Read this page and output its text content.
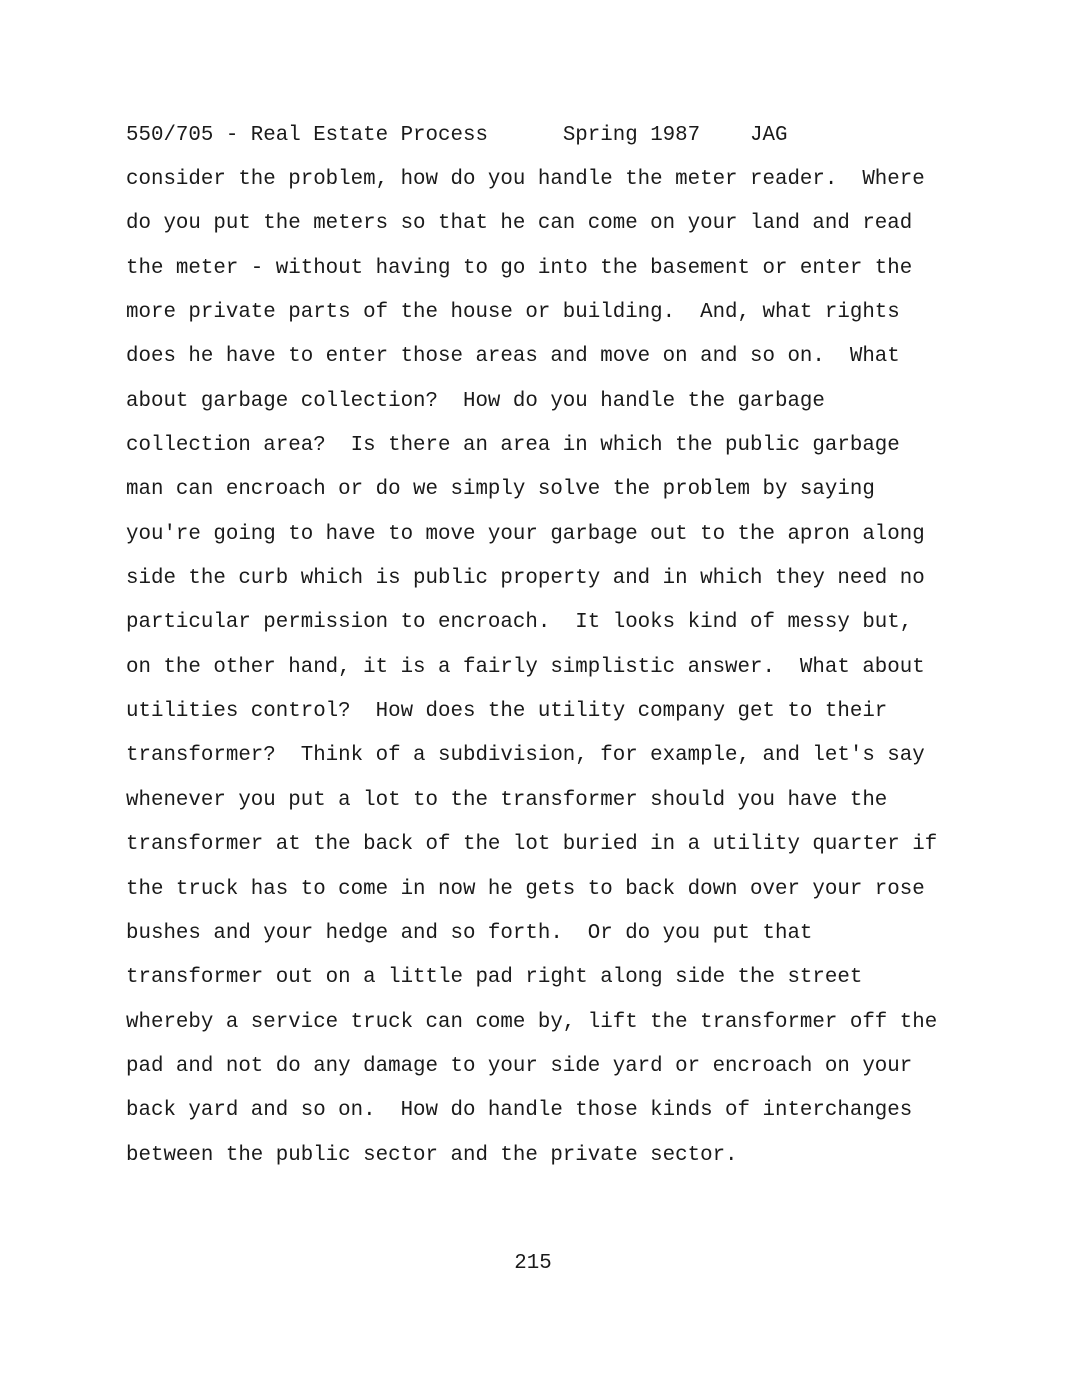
550/705 - Real Estate Process	Spring 1987 JAG
consider the problem, how do you handle the meter reader.  Where
do you put the meters so that he can come on your land and read
the meter - without having to go into the basement or enter the
more private parts of the house or building.  And, what rights
does he have to enter those areas and move on and so on.  What
about garbage collection?  How do you handle the garbage
collection area?  Is there an area in which the public garbage
man can encroach or do we simply solve the problem by saying
you're going to have to move your garbage out to the apron along
side the curb which is public property and in which they need no
particular permission to encroach.  It looks kind of messy but,
on the other hand, it is a fairly simplistic answer.  What about
utilities control?  How does the utility company get to their
transformer?  Think of a subdivision, for example, and let's say
whenever you put a lot to the transformer should you have the
transformer at the back of the lot buried in a utility quarter if
the truck has to come in now he gets to back down over your rose
bushes and your hedge and so forth.  Or do you put that
transformer out on a little pad right along side the street
whereby a service truck can come by, lift the transformer off the
pad and not do any damage to your side yard or encroach on your
back yard and so on.  How do handle those kinds of interchanges
between the public sector and the private sector.
215
